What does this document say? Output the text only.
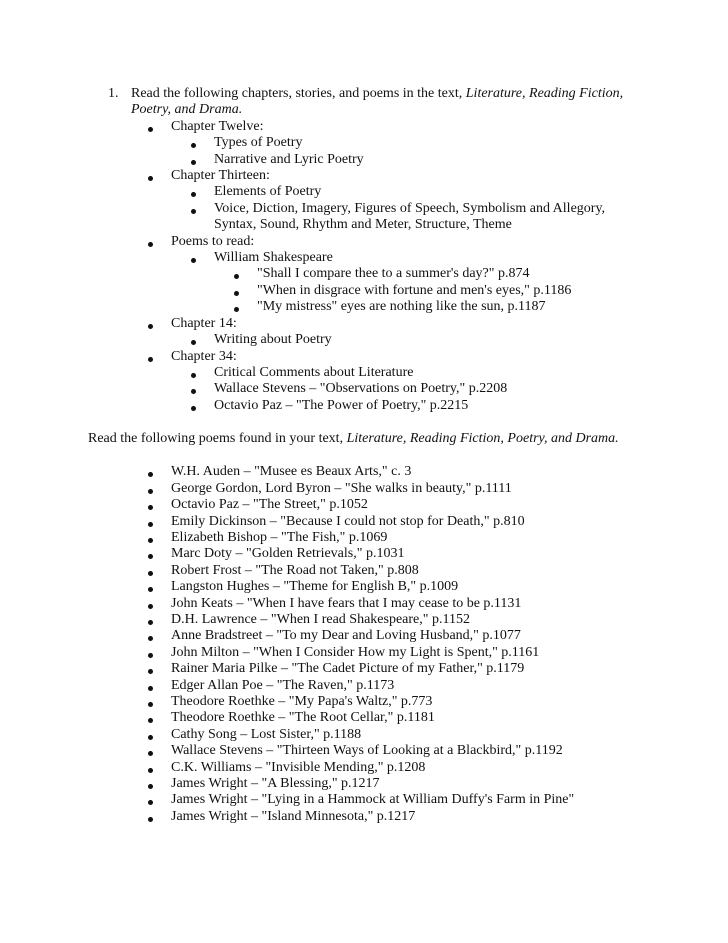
1. Read the following chapters, stories, and poems in the text, Literature, Reading Fiction,
Poetry, and Drama.
Chapter Twelve:
Types of Poetry
Narrative and Lyric Poetry
Chapter Thirteen:
Elements of Poetry
Voice, Diction, Imagery, Figures of Speech, Symbolism and Allegory,
Syntax, Sound, Rhythm and Meter, Structure, Theme
Poems to read:
William Shakespeare
"Shall I compare thee to a summer's day?" p.874
"When in disgrace with fortune and men's eyes," p.1186
"My mistress" eyes are nothing like the sun, p.1187
Chapter 14:
Writing about Poetry
Chapter 34:
Critical Comments about Literature
Wallace Stevens – "Observations on Poetry," p.2208
Octavio Paz – "The Power of Poetry," p.2215
Read the following poems found in your text, Literature, Reading Fiction, Poetry, and Drama.
W.H. Auden – "Musee es Beaux Arts," c. 3
George Gordon, Lord Byron – "She walks in beauty," p.1111
Octavio Paz – "The Street," p.1052
Emily Dickinson – "Because I could not stop for Death," p.810
Elizabeth Bishop – "The Fish," p.1069
Marc Doty – "Golden Retrievals," p.1031
Robert Frost – "The Road not Taken," p.808
Langston Hughes – "Theme for English B," p.1009
John Keats – "When I have fears that I may cease to be p.1131
D.H. Lawrence – "When I read Shakespeare," p.1152
Anne Bradstreet – "To my Dear and Loving Husband," p.1077
John Milton – "When I Consider How my Light is Spent," p.1161
Rainer Maria Pilke – "The Cadet Picture of my Father," p.1179
Edger Allan Poe – "The Raven," p.1173
Theodore Roethke – "My Papa's Waltz," p.773
Theodore Roethke – "The Root Cellar," p.1181
Cathy Song – Lost Sister," p.1188
Wallace Stevens – "Thirteen Ways of Looking at a Blackbird," p.1192
C.K. Williams – "Invisible Mending," p.1208
James Wright – "A Blessing," p.1217
James Wright – "Lying in a Hammock at William Duffy's Farm in Pine"
James Wright – "Island Minnesota," p.1217
